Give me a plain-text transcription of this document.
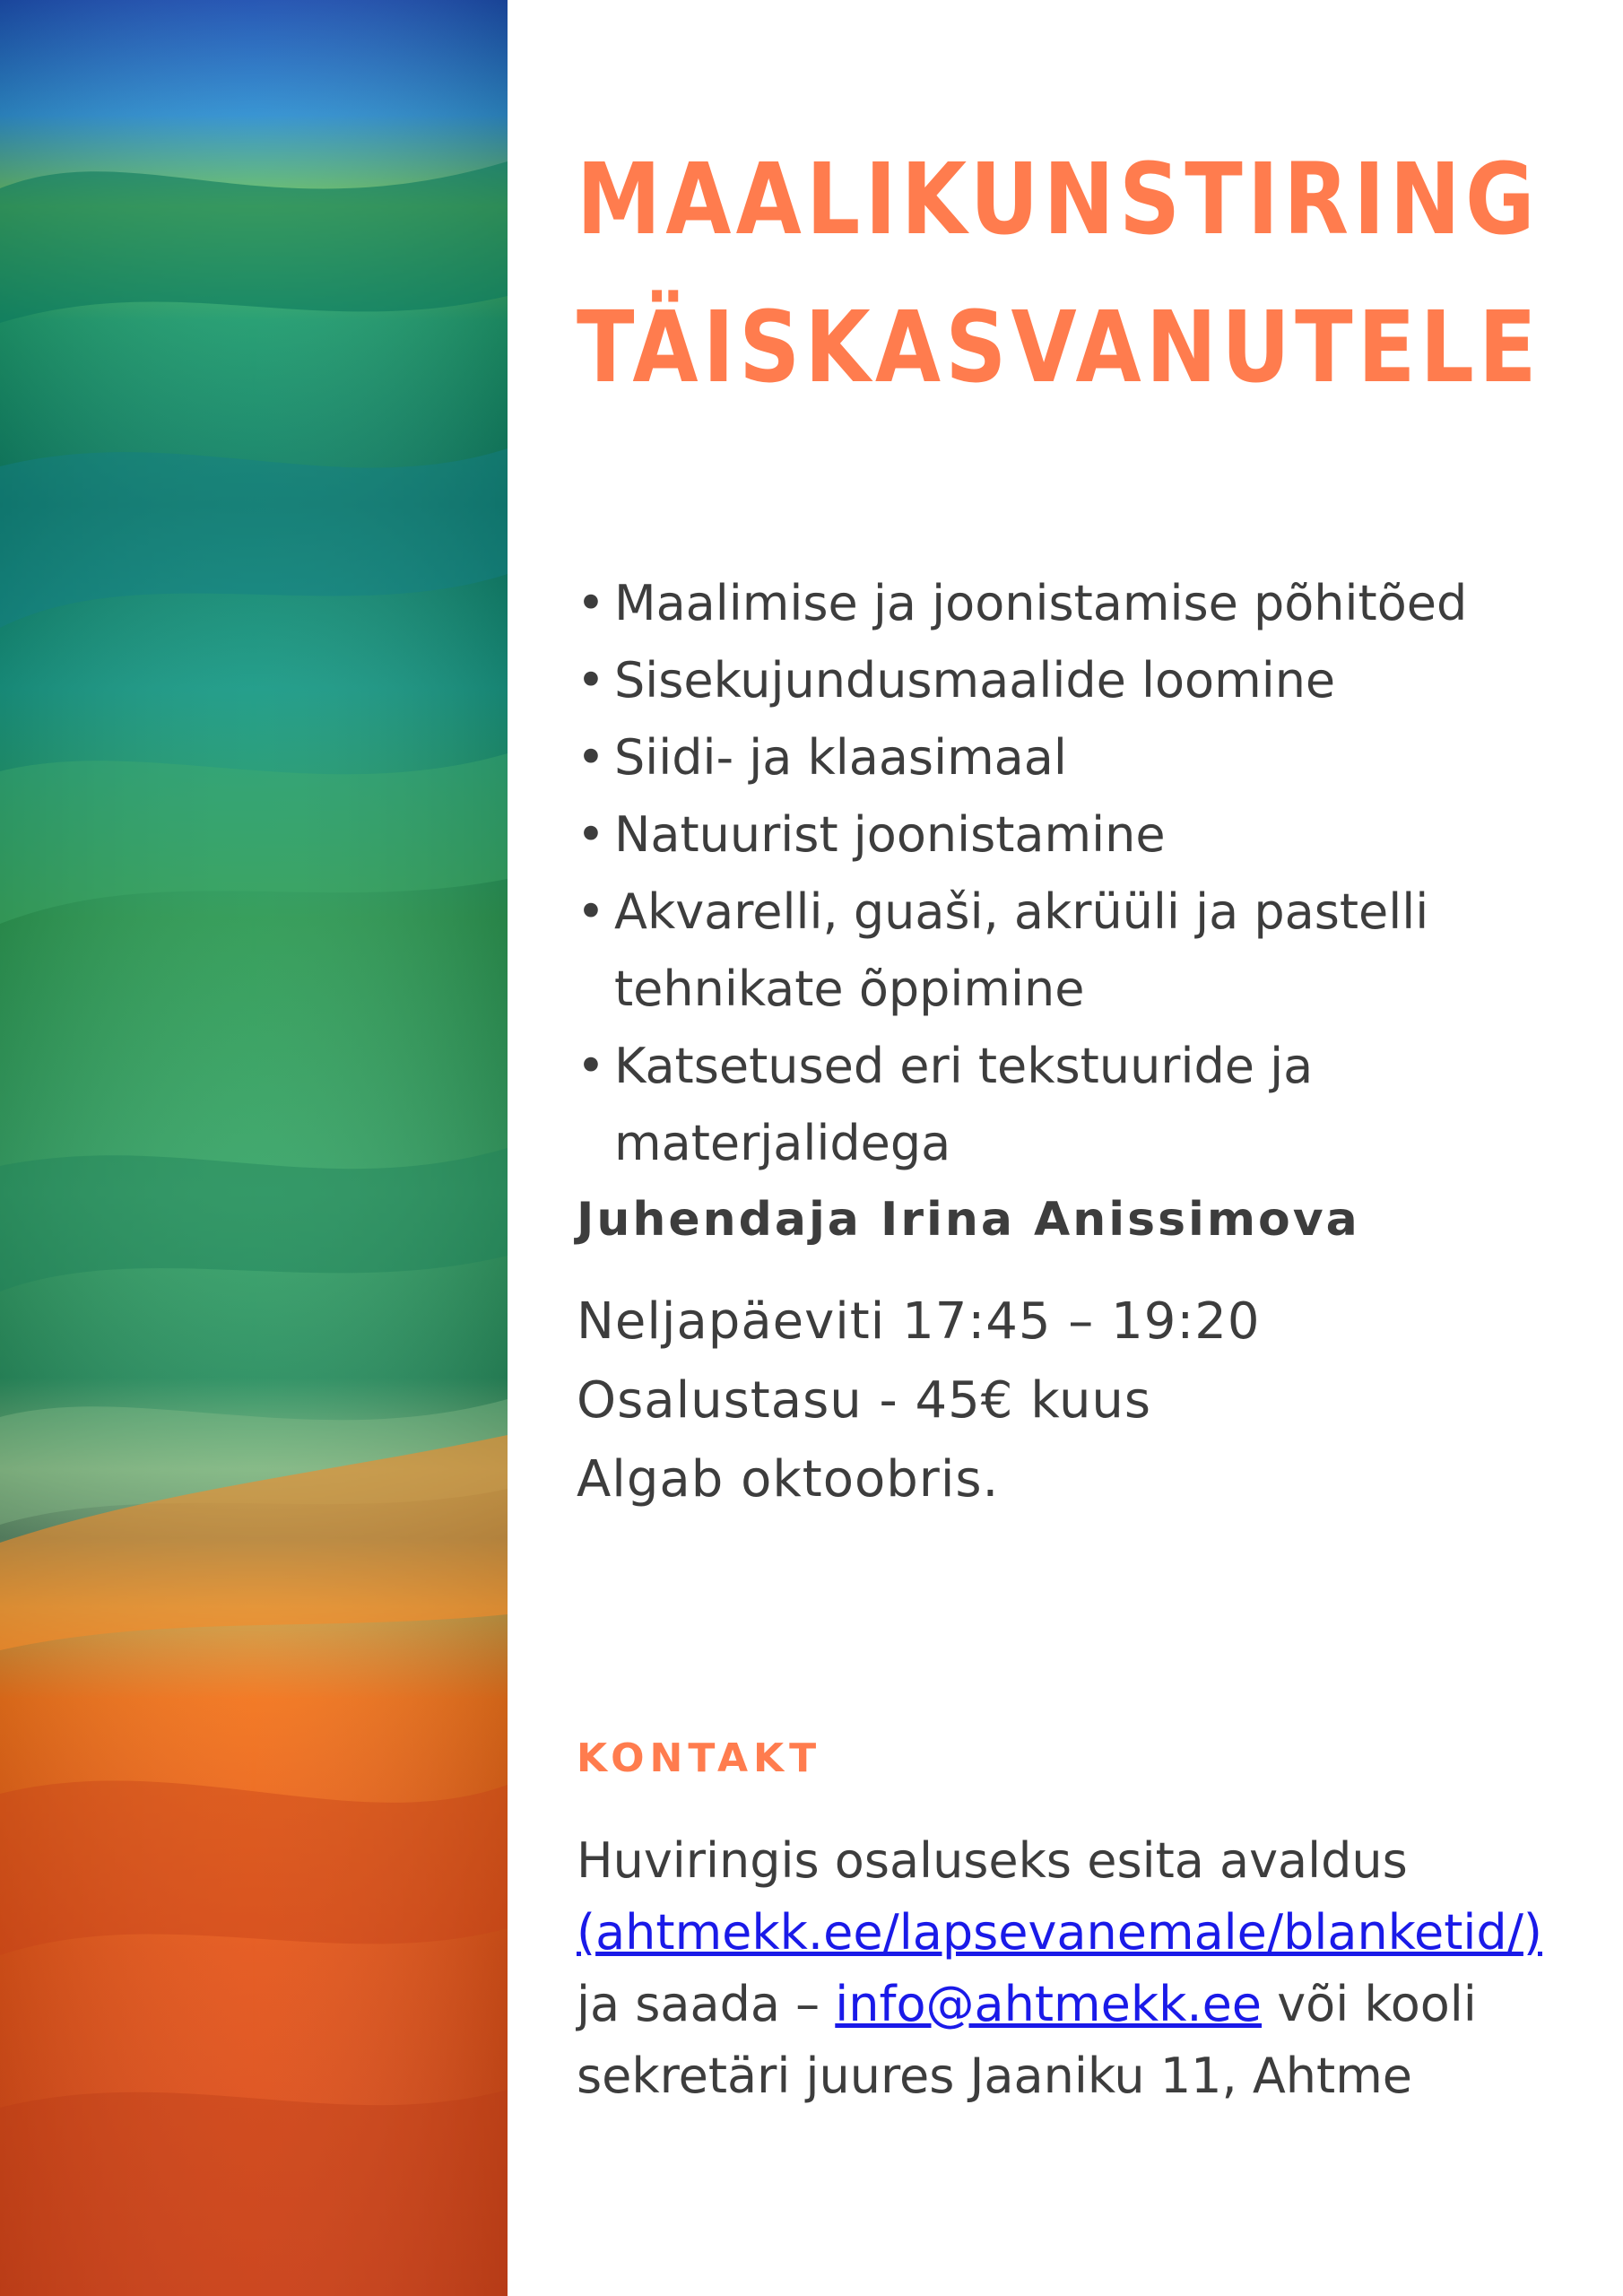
MAALIKUNSTIRING
TÄISKASVANUTELE
• Maalimise ja joonistamise põhitõed
• Sisekujundusmaalide loomine
• Siidi- ja klaasimaal
• Natuurist joonistamine
• Akvarelli, guaši, akrüüli ja pastelli tehnikate õppimine
• Katsetused eri tekstuuride ja materjalidega
Juhendaja Irina Anissimova
Neljapäeviti 17:45 – 19:20
Osalustasu - 45€ kuus
Algab oktoobris.
KONTAKT
Huviringis osaluseks esita avaldus
(ahtmekk.ee/lapsevanemale/blanketid/)
ja saada – info@ahtmekk.ee või kooli
sekretäri juures Jaaniku 11, Ahtme
